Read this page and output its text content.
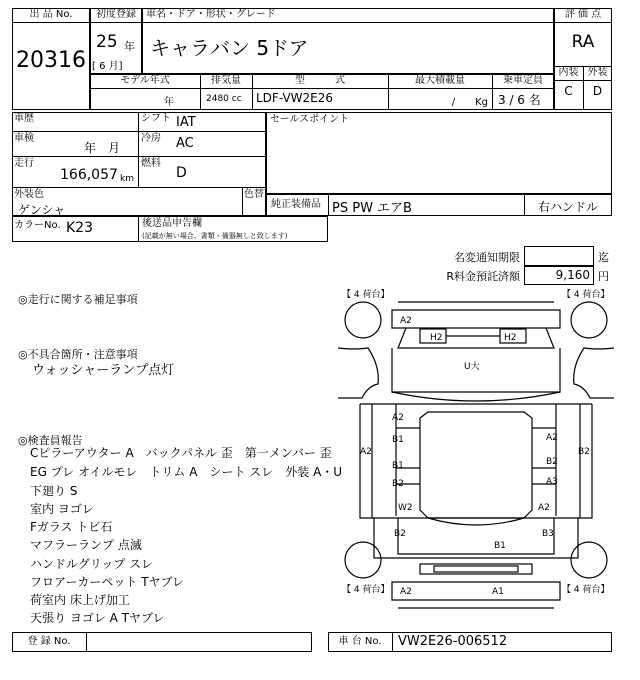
出 品 No.
20316
初度登録
25 年
[ 6 月]
車名・ドア・形状・グレード
キャラバン 5ドア
評 価 点
RA
内装 外装
C	D
モデル年式	排気量	型　　　式	最大積載量	乗車定員
年	2480 cc LDF-VW2E26	/　　Kg 3 / 6 名
車歴	シフト IAT
車検
年　月
冷房 AC
走行
166,057 km
燃料
D
外装色
ゲンシャ
色替
セールスポイント
純正装備品 PS PW エアB	右ハンドル
カラーNo. K23	後送品申告欄
(記載が無い場合、書類・備器無しと致します)
名変通知期限	迄
R料金預託済額	9,160 円
◎走行に関する補足事項
◎不具合箇所・注意事項
ウォッシャーランプ点灯
◎検査員報告
Cピラーアウター A　バックパネル 歪　第一メンバー 歪
EG プレ オイルモレ　トリム A　シート スレ　外装 A・U
下廻り S
室内 ヨゴレ
Fガラス トビ石
マフラーランプ 点滅
ハンドルグリップ スレ
フロアーカーペット Tヤブレ
荷室内 床上げ加工
天張り ヨゴレ A Tヤブレ
【 4 荷台】	【 4 荷台】
【 4 荷台】	【 4 荷台】
A2
H2	H2
U大
A2
B1	A2
A2
B1	B2
B2
B2	A3
W2	A2
B2	B3
B1
A2	A1
登 録 No.	車 台 No.	VW2E26-006512
